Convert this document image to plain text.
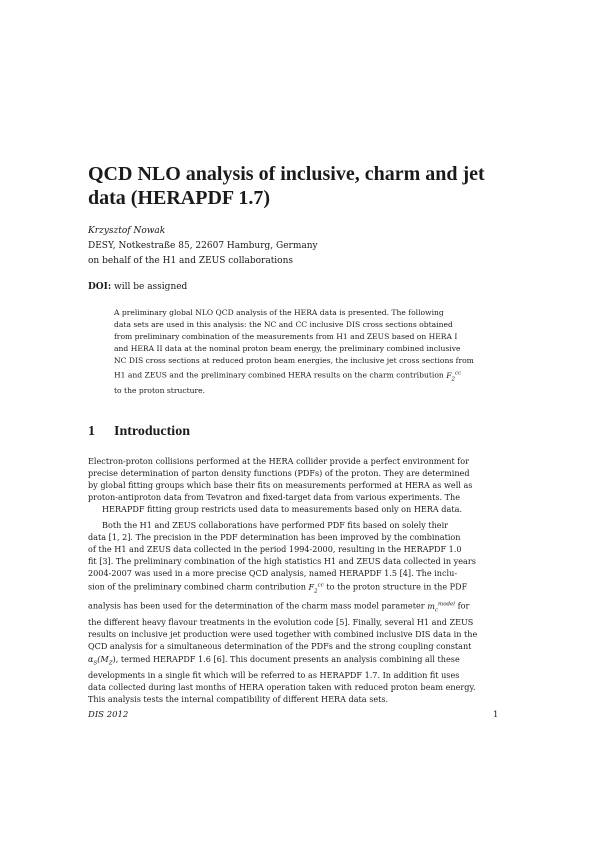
QCD NLO analysis of inclusive, charm and jet
data (HERAPDF 1.7)
Krzysztof Nowak
DESY, Notkestraße 85, 22607 Hamburg, Germany
on behalf of the H1 and ZEUS collaborations
DOI: will be assigned
A preliminary global NLO QCD analysis of the HERA data is presented. The following
data sets are used in this analysis: the NC and CC inclusive DIS cross sections obtained
from preliminary combination of the measurements from H1 and ZEUS based on HERA I
and HERA II data at the nominal proton beam energy, the preliminary combined inclusive
NC DIS cross sections at reduced proton beam energies, the inclusive jet cross sections from
H1 and ZEUS and the preliminary combined HERA results on the charm contribution $F_2^{cc}$
to the proton structure.
1 Introduction
Electron-proton collisions performed at the HERA collider provide a perfect environment for
precise determination of parton density functions (PDFs) of the proton. They are determined
by global fitting groups which base their fits on measurements performed at HERA as well as
proton-antiproton data from Tevatron and fixed-target data from various experiments. The
HERAPDF fitting group restricts used data to measurements based only on HERA data.
Both the H1 and ZEUS collaborations have performed PDF fits based on solely their
data [1, 2]. The precision in the PDF determination has been improved by the combination
of the H1 and ZEUS data collected in the period 1994-2000, resulting in the HERAPDF 1.0
fit [3]. The preliminary combination of the high statistics H1 and ZEUS data collected in years
2004-2007 was used in a more precise QCD analysis, named HERAPDF 1.5 [4]. The inclu-
sion of the preliminary combined charm contribution $F_2^{cc}$ to the proton structure in the PDF
analysis has been used for the determination of the charm mass model parameter $m_c^{model}$ for
the different heavy flavour treatments in the evolution code [5]. Finally, several H1 and ZEUS
results on inclusive jet production were used together with combined inclusive DIS data in the
QCD analysis for a simultaneous determination of the PDFs and the strong coupling constant
$\alpha_S(M_Z)$, termed HERAPDF 1.6 [6]. This document presents an analysis combining all these
developments in a single fit which will be referred to as HERAPDF 1.7. In addition fit uses
data collected during last months of HERA operation taken with reduced proton beam energy.
This analysis tests the internal compatibility of different HERA data sets.
DIS 2012	1
